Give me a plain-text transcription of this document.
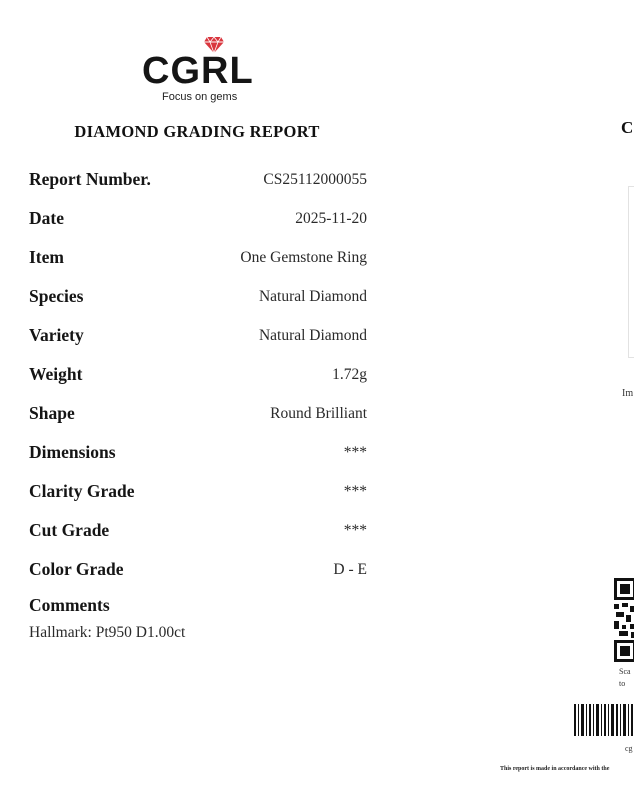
CGRL
Focus on gems
DIAMOND GRADING REPORT
Report Number.	CS25112000055
Date	2025-11-20
Item	One Gemstone Ring
Species	Natural Diamond
Variety	Natural Diamond
Weight	1.72g
Shape	Round Brilliant
Dimensions	***
Clarity Grade	***
Cut Grade	***
Color Grade	D - E
Comments
Hallmark: Pt950 D1.00ct
C
Im
Sca
to
cg
This report is made in accordance with the
